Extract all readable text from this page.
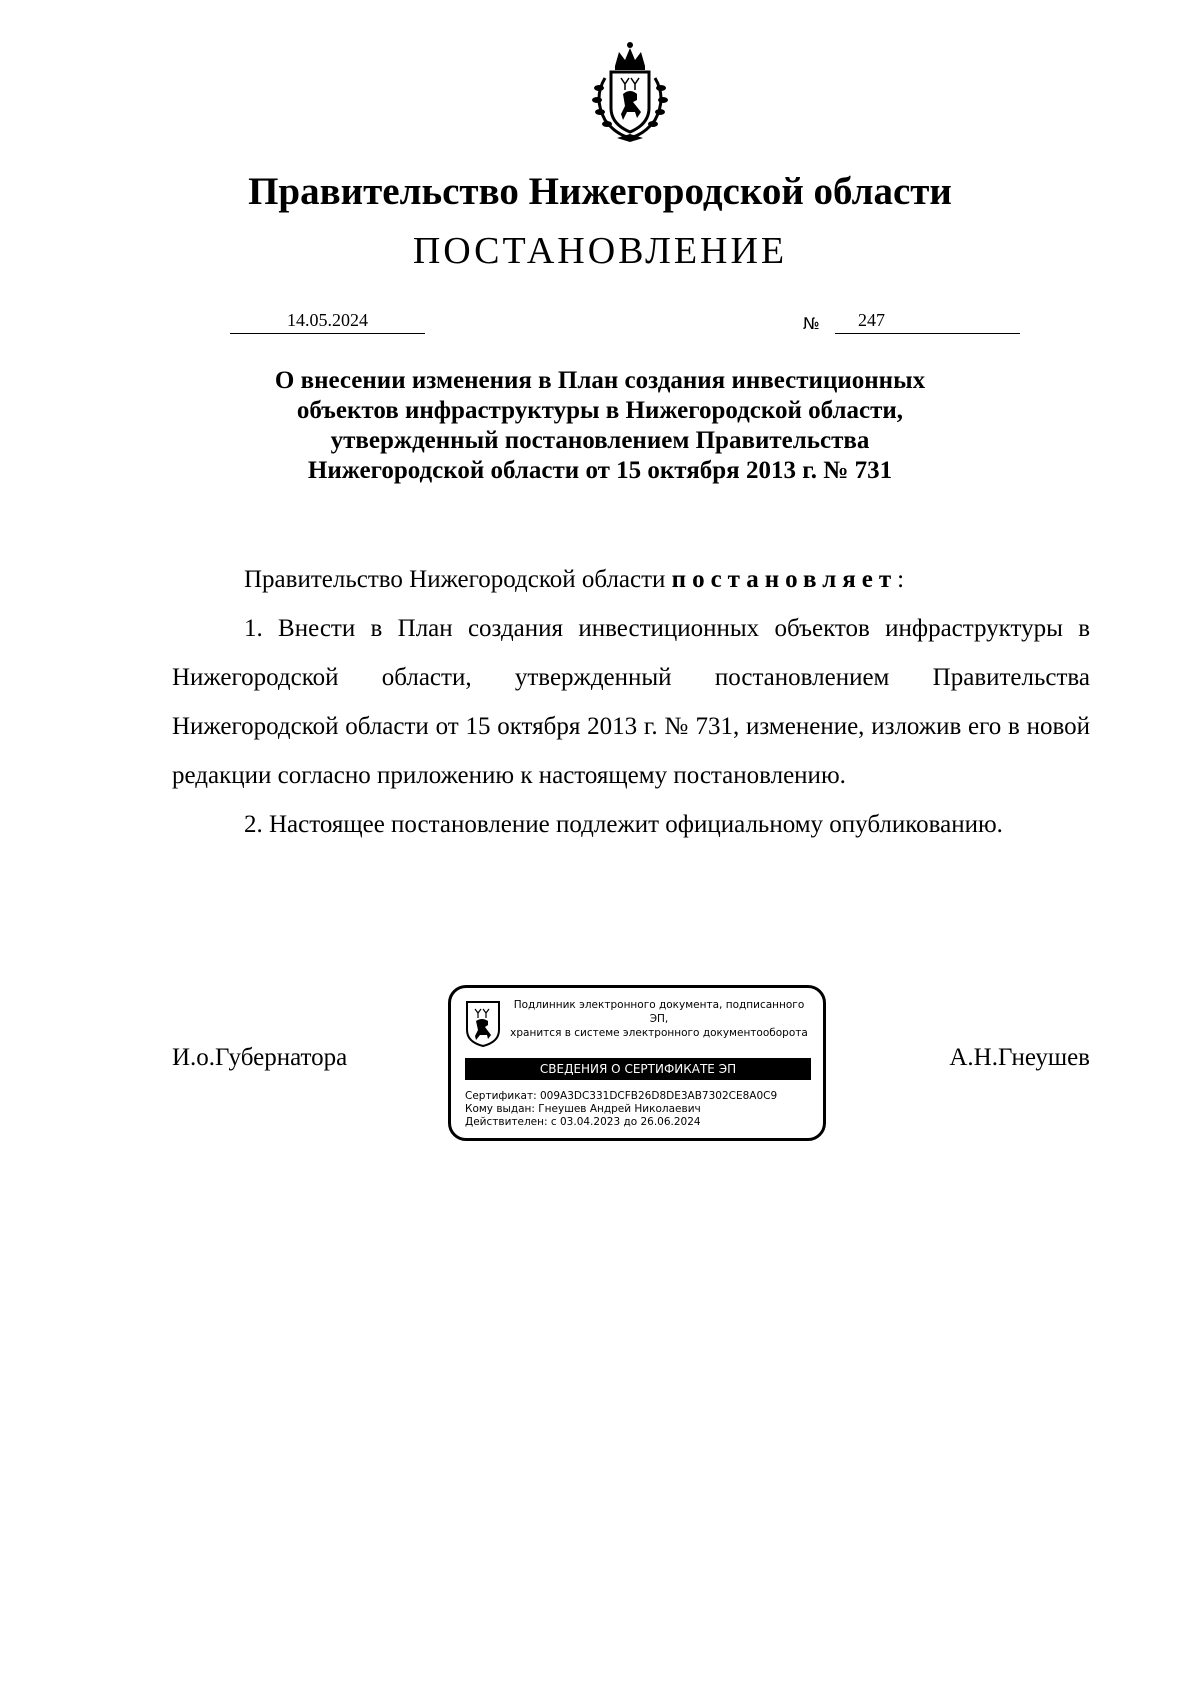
Правительство Нижегородской области
ПОСТАНОВЛЕНИЕ
14.05.2024	№	247
О внесении изменения в План создания инвестиционных
объектов инфраструктуры в Нижегородской области,
утвержденный постановлением Правительства
Нижегородской области от 15 октября 2013 г. № 731

Правительство Нижегородской области постановляет:

1. Внести в План создания инвестиционных объектов инфраструктуры в Нижегородской области, утвержденный постановлением Правительства Нижегородской области от 15 октября 2013 г. № 731, изменение, изложив его в новой редакции согласно приложению к настоящему постановлению.

2. Настоящее постановление подлежит официальному опубликованию.

И.о.Губернатора	А.Н.Гнеушев
Подлинник электронного документа, подписанного ЭП,
хранится в системе электронного документооборота
СВЕДЕНИЯ О СЕРТИФИКАТЕ ЭП
Сертификат: 009A3DC331DCFB26D8DE3AB7302CE8A0C9
Кому выдан: Гнеушев Андрей Николаевич
Действителен: с 03.04.2023 до 26.06.2024
